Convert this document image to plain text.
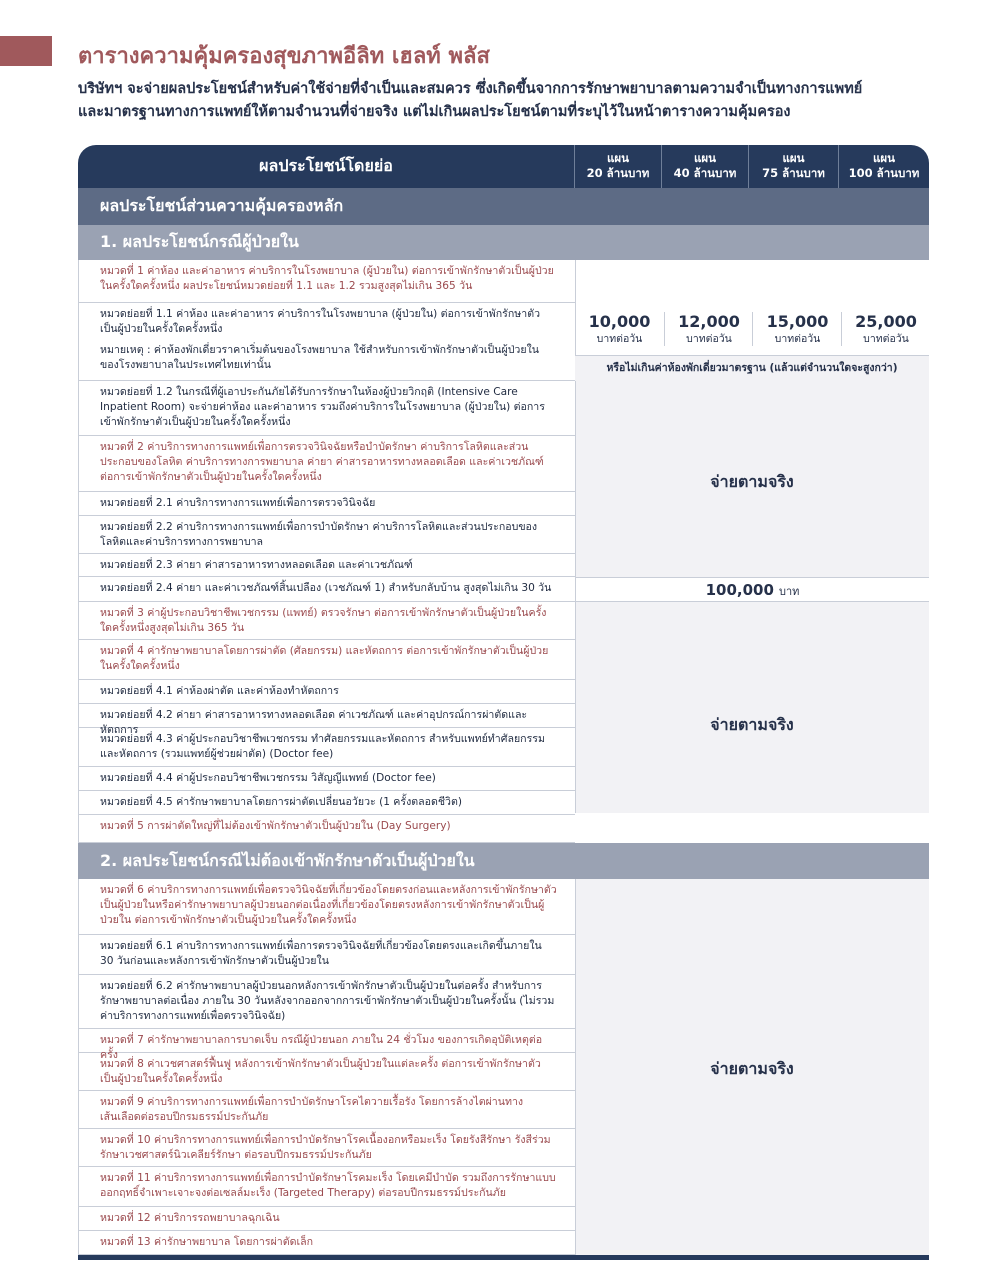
ตารางความคุ้มครองสุขภาพอีลิท เฮลท์ พลัส

บริษัทฯ จะจ่ายผลประโยชน์สำหรับค่าใช้จ่ายที่จำเป็นและสมควร ซึ่งเกิดขึ้นจากการรักษาพยาบาลตามความจำเป็นทางการแพทย์

และมาตรฐานทางการแพทย์ให้ตามจำนวนที่จ่ายจริง แต่ไม่เกินผลประโยชน์ตามที่ระบุไว้ในหน้าตารางความคุ้มครอง

ผลประโยชน์โดยย่อ	แผน
20 ล้านบาท
แผน
40 ล้านบาท
แผน
75 ล้านบาท
แผน
100 ล้านบาท
ผลประโยชน์ส่วนความคุ้มครองหลัก
1. ผลประโยชน์กรณีผู้ป่วยใน
10,000
บาทต่อวัน
12,000
บาทต่อวัน
15,000
บาทต่อวัน
25,000
บาทต่อวัน
หรือไม่เกินค่าห้องพักเดี่ยวมาตรฐาน (แล้วแต่จำนวนใดจะสูงกว่า)
จ่ายตามจริง
100,000 บาท
จ่ายตามจริง
2. ผลประโยชน์กรณีไม่ต้องเข้าพักรักษาตัวเป็นผู้ป่วยใน
จ่ายตามจริง
หมวดที่ 1 ค่าห้อง และค่าอาหาร ค่าบริการในโรงพยาบาล (ผู้ป่วยใน) ต่อการเข้าพักรักษาตัวเป็นผู้ป่วยในครั้งใดครั้งหนึ่ง ผลประโยชน์หมวดย่อยที่ 1.1 และ 1.2 รวมสูงสุดไม่เกิน 365 วัน
หมวดย่อยที่ 1.1 ค่าห้อง และค่าอาหาร ค่าบริการในโรงพยาบาล (ผู้ป่วยใน) ต่อการเข้าพักรักษาตัวเป็นผู้ป่วยในครั้งใดครั้งหนึ่ง
หมายเหตุ : ค่าห้องพักเดี่ยวราคาเริ่มต้นของโรงพยาบาล ใช้สำหรับการเข้าพักรักษาตัวเป็นผู้ป่วยในของโรงพยาบาลในประเทศไทยเท่านั้น
หมวดย่อยที่ 1.2 ในกรณีที่ผู้เอาประกันภัยได้รับการรักษาในห้องผู้ป่วยวิกฤติ (Intensive Care Inpatient Room) จะจ่ายค่าห้อง และค่าอาหาร รวมถึงค่าบริการในโรงพยาบาล (ผู้ป่วยใน) ต่อการเข้าพักรักษาตัวเป็นผู้ป่วยในครั้งใดครั้งหนึ่ง
หมวดที่ 2 ค่าบริการทางการแพทย์เพื่อการตรวจวินิจฉัยหรือบำบัดรักษา ค่าบริการโลหิตและส่วนประกอบของโลหิต ค่าบริการทางการพยาบาล ค่ายา ค่าสารอาหารทางหลอดเลือด และค่าเวชภัณฑ์ ต่อการเข้าพักรักษาตัวเป็นผู้ป่วยในครั้งใดครั้งหนึ่ง
หมวดย่อยที่ 2.1 ค่าบริการทางการแพทย์เพื่อการตรวจวินิจฉัย
หมวดย่อยที่ 2.2 ค่าบริการทางการแพทย์เพื่อการบำบัดรักษา ค่าบริการโลหิตและส่วนประกอบของโลหิตและค่าบริการทางการพยาบาล
หมวดย่อยที่ 2.3 ค่ายา ค่าสารอาหารทางหลอดเลือด และค่าเวชภัณฑ์
หมวดย่อยที่ 2.4 ค่ายา และค่าเวชภัณฑ์สิ้นเปลือง (เวชภัณฑ์ 1) สำหรับกลับบ้าน สูงสุดไม่เกิน 30 วัน
หมวดที่ 3 ค่าผู้ประกอบวิชาชีพเวชกรรม (แพทย์) ตรวจรักษา ต่อการเข้าพักรักษาตัวเป็นผู้ป่วยในครั้งใดครั้งหนึ่งสูงสุดไม่เกิน 365 วัน
หมวดที่ 4 ค่ารักษาพยาบาลโดยการผ่าตัด (ศัลยกรรม) และหัตถการ ต่อการเข้าพักรักษาตัวเป็นผู้ป่วยในครั้งใดครั้งหนึ่ง
หมวดย่อยที่ 4.1 ค่าห้องผ่าตัด และค่าห้องทำหัตถการ
หมวดย่อยที่ 4.2 ค่ายา ค่าสารอาหารทางหลอดเลือด ค่าเวชภัณฑ์ และค่าอุปกรณ์การผ่าตัดและหัตถการ
หมวดย่อยที่ 4.3 ค่าผู้ประกอบวิชาชีพเวชกรรม ทำศัลยกรรมและหัตถการ สำหรับแพทย์ทำศัลยกรรมและหัตถการ (รวมแพทย์ผู้ช่วยผ่าตัด) (Doctor fee)
หมวดย่อยที่ 4.4 ค่าผู้ประกอบวิชาชีพเวชกรรม วิสัญญีแพทย์ (Doctor fee)
หมวดย่อยที่ 4.5 ค่ารักษาพยาบาลโดยการผ่าตัดเปลี่ยนอวัยวะ (1 ครั้งตลอดชีวิต)
หมวดที่ 5 การผ่าตัดใหญ่ที่ไม่ต้องเข้าพักรักษาตัวเป็นผู้ป่วยใน (Day Surgery)
หมวดที่ 6 ค่าบริการทางการแพทย์เพื่อตรวจวินิจฉัยที่เกี่ยวข้องโดยตรงก่อนและหลังการเข้าพักรักษาตัวเป็นผู้ป่วยในหรือค่ารักษาพยาบาลผู้ป่วยนอกต่อเนื่องที่เกี่ยวข้องโดยตรงหลังการเข้าพักรักษาตัวเป็นผู้ป่วยใน ต่อการเข้าพักรักษาตัวเป็นผู้ป่วยในครั้งใดครั้งหนึ่ง
หมวดย่อยที่ 6.1 ค่าบริการทางการแพทย์เพื่อการตรวจวินิจฉัยที่เกี่ยวข้องโดยตรงและเกิดขึ้นภายใน 30 วันก่อนและหลังการเข้าพักรักษาตัวเป็นผู้ป่วยใน
หมวดย่อยที่ 6.2 ค่ารักษาพยาบาลผู้ป่วยนอกหลังการเข้าพักรักษาตัวเป็นผู้ป่วยในต่อครั้ง สำหรับการรักษาพยาบาลต่อเนื่อง ภายใน 30 วันหลังจากออกจากการเข้าพักรักษาตัวเป็นผู้ป่วยในครั้งนั้น (ไม่รวมค่าบริการทางการแพทย์เพื่อตรวจวินิจฉัย)
หมวดที่ 7 ค่ารักษาพยาบาลการบาดเจ็บ กรณีผู้ป่วยนอก ภายใน 24 ชั่วโมง ของการเกิดอุบัติเหตุต่อครั้ง
หมวดที่ 8 ค่าเวชศาสตร์ฟื้นฟู หลังการเข้าพักรักษาตัวเป็นผู้ป่วยในแต่ละครั้ง ต่อการเข้าพักรักษาตัวเป็นผู้ป่วยในครั้งใดครั้งหนึ่ง
หมวดที่ 9 ค่าบริการทางการแพทย์เพื่อการบำบัดรักษาโรคไตวายเรื้อรัง โดยการล้างไตผ่านทางเส้นเลือดต่อรอบปีกรมธรรม์ประกันภัย
หมวดที่ 10 ค่าบริการทางการแพทย์เพื่อการบำบัดรักษาโรคเนื้องอกหรือมะเร็ง โดยรังสีรักษา รังสีร่วมรักษาเวชศาสตร์นิวเคลียร์รักษา ต่อรอบปีกรมธรรม์ประกันภัย
หมวดที่ 11 ค่าบริการทางการแพทย์เพื่อการบำบัดรักษาโรคมะเร็ง โดยเคมีบำบัด รวมถึงการรักษาแบบออกฤทธิ์จำเพาะเจาะจงต่อเซลล์มะเร็ง (Targeted Therapy) ต่อรอบปีกรมธรรม์ประกันภัย
หมวดที่ 12 ค่าบริการรถพยาบาลฉุกเฉิน
หมวดที่ 13 ค่ารักษาพยาบาล โดยการผ่าตัดเล็ก
